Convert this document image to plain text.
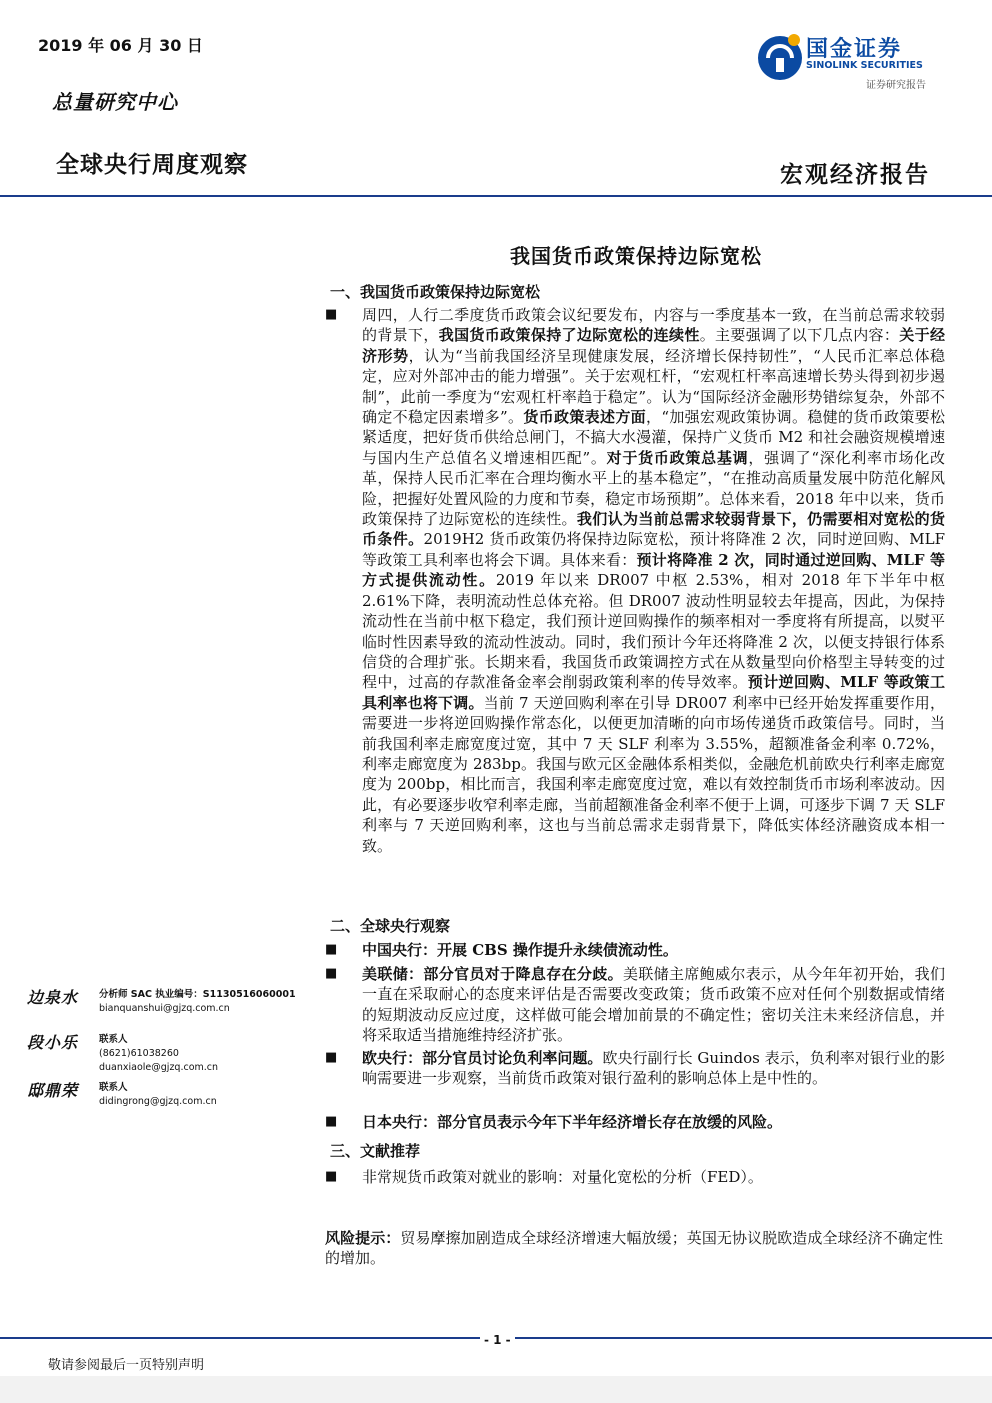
2019 年 06 月 30 日
总量研究中心
全球央行周度观察	宏观经济报告
国金证券
SINOLINK SECURITIES
证券研究报告
我国货币政策保持边际宽松
一、我国货币政策保持边际宽松
■ 周四，人行二季度货币政策会议纪要发布，内容与一季度基本一致，在当前总需求较弱的背景下，我国货币政策保持了边际宽松的连续性。主要强调了以下几点内容：关于经济形势，认为“当前我国经济呈现健康发展，经济增长保持韧性”，“人民币汇率总体稳定，应对外部冲击的能力增强”。关于宏观杠杆，“宏观杠杆率高速增长势头得到初步遏制”，此前一季度为“宏观杠杆率趋于稳定”。认为“国际经济金融形势错综复杂，外部不确定不稳定因素增多”。货币政策表述方面，“加强宏观政策协调。稳健的货币政策要松紧适度，把好货币供给总闸门，不搞大水漫灌，保持广义货币 M2 和社会融资规模增速与国内生产总值名义增速相匹配”。对于货币政策总基调，强调了“深化利率市场化改革，保持人民币汇率在合理均衡水平上的基本稳定”，“在推动高质量发展中防范化解风险，把握好处置风险的力度和节奏，稳定市场预期”。总体来看，2018 年中以来，货币政策保持了边际宽松的连续性。我们认为当前总需求较弱背景下，仍需要相对宽松的货币条件。2019H2 货币政策仍将保持边际宽松，预计将降准 2 次，同时逆回购、MLF 等政策工具利率也将会下调。具体来看：预计将降准 2 次，同时通过逆回购、MLF 等方式提供流动性。2019 年以来 DR007 中枢 2.53%，相对 2018 年下半年中枢 2.61%下降，表明流动性总体充裕。但 DR007 波动性明显较去年提高，因此，为保持流动性在当前中枢下稳定，我们预计逆回购操作的频率相对一季度将有所提高，以熨平临时性因素导致的流动性波动。同时，我们预计今年还将降准 2 次，以便支持银行体系信贷的合理扩张。长期来看，我国货币政策调控方式在从数量型向价格型主导转变的过程中，过高的存款准备金率会削弱政策利率的传导效率。预计逆回购、MLF 等政策工具利率也将下调。当前 7 天逆回购利率在引导 DR007 利率中已经开始发挥重要作用，需要进一步将逆回购操作常态化，以便更加清晰的向市场传递货币政策信号。同时，当前我国利率走廊宽度过宽，其中 7 天 SLF 利率为 3.55%，超额准备金利率 0.72%，利率走廊宽度为 283bp。我国与欧元区金融体系相类似，金融危机前欧央行利率走廊宽度为 200bp，相比而言，我国利率走廊宽度过宽，难以有效控制货币市场利率波动。因此，有必要逐步收窄利率走廊，当前超额准备金利率不便于上调，可逐步下调 7 天 SLF 利率与 7 天逆回购利率，这也与当前总需求走弱背景下，降低实体经济融资成本相一致。
二、全球央行观察
■ 中国央行：开展 CBS 操作提升永续债流动性。
■ 美联储：部分官员对于降息存在分歧。美联储主席鲍威尔表示，从今年年初开始，我们一直在采取耐心的态度来评估是否需要改变政策；货币政策不应对任何个别数据或情绪的短期波动反应过度，这样做可能会增加前景的不确定性；密切关注未来经济信息，并将采取适当措施维持经济扩张。
■ 欧央行：部分官员讨论负利率问题。欧央行副行长 Guindos 表示，负利率对银行业的影响需要进一步观察，当前货币政策对银行盈利的影响总体上是中性的。
■ 日本央行：部分官员表示今年下半年经济增长存在放缓的风险。
三、文献推荐
■ 非常规货币政策对就业的影响：对量化宽松的分析（FED）。
风险提示：贸易摩擦加剧造成全球经济增速大幅放缓；英国无协议脱欧造成全球经济不确定性的增加。
边泉水 分析师 SAC 执业编号：S1130516060001
bianquanshui@gjzq.com.cn
段小乐 联系人
(8621)61038260
duanxiaole@gjzq.com.cn
邸鼎荣 联系人
didingrong@gjzq.com.cn
- 1 -
敬请参阅最后一页特别声明
